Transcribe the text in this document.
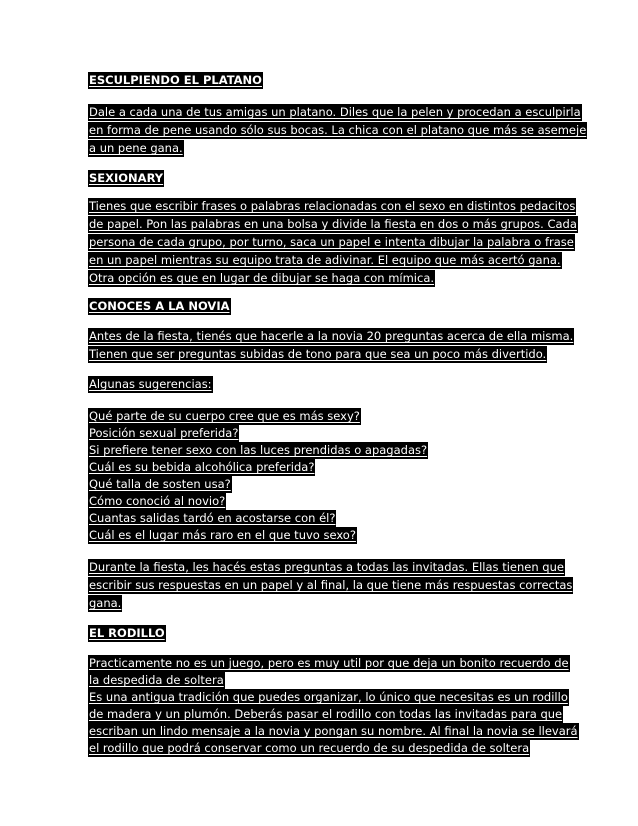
ESCULPIENDO EL PLATANO
Dale a cada una de tus amigas un platano. Diles que la pelen y procedan a esculpirla
en forma de pene usando sólo sus bocas. La chica con el platano que más se asemeje
a un pene gana.
SEXIONARY
Tienes que escribir frases o palabras relacionadas con el sexo en distintos pedacitos
de papel. Pon las palabras en una bolsa y divide la fiesta en dos o más grupos. Cada
persona de cada grupo, por turno, saca un papel e intenta dibujar la palabra o frase
en un papel mientras su equipo trata de adivinar. El equipo que más acertó gana.
Otra opción es que en lugar de dibujar se haga con mímica.
CONOCES A LA NOVIA
Antes de la fiesta, tienés que hacerle a la novia 20 preguntas acerca de ella misma.
Tienen que ser preguntas subidas de tono para que sea un poco más divertido.
Algunas sugerencias:
Qué parte de su cuerpo cree que es más sexy?
Posición sexual preferida?
Si prefiere tener sexo con las luces prendidas o apagadas?
Cuál es su bebida alcohólica preferida?
Qué talla de sosten usa?
Cómo conoció al novio?
Cuantas salidas tardó en acostarse con él?
Cuál es el lugar más raro en el que tuvo sexo?
Durante la fiesta, les hacés estas preguntas a todas las invitadas. Ellas tienen que
escribir sus respuestas en un papel y al final, la que tiene más respuestas correctas
gana.
EL RODILLO
Practicamente no es un juego, pero es muy util por que deja un bonito recuerdo de
la despedida de soltera
Es una antigua tradición que puedes organizar, lo único que necesitas es un rodillo
de madera y un plumón. Deberás pasar el rodillo con todas las invitadas para que
escriban un lindo mensaje a la novia y pongan su nombre. Al final la novia se llevará
el rodillo que podrá conservar como un recuerdo de su despedida de soltera
